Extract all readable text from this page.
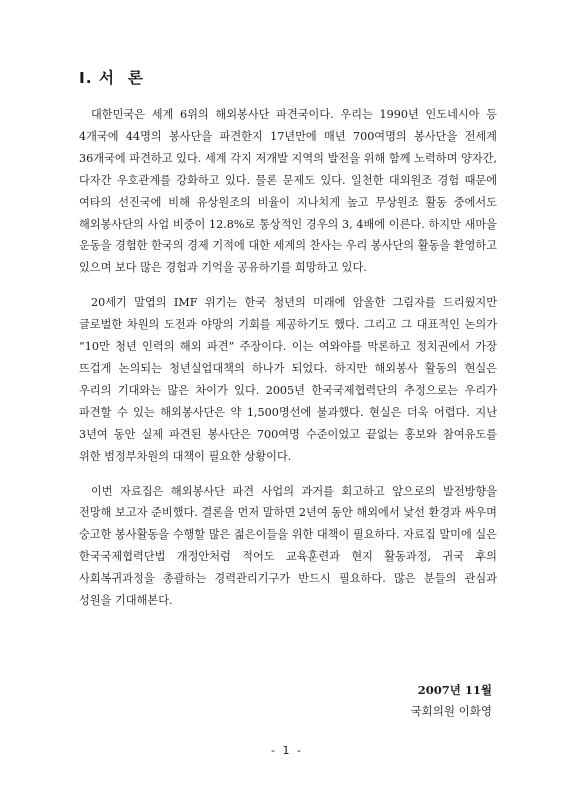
Ⅰ. 서  론

대한민국은 세계 6위의 해외봉사단 파견국이다. 우리는 1990년 인도네시아 등 4개국에 44명의 봉사단을 파견한지 17년만에 매년 700여명의 봉사단을 전세계 36개국에 파견하고 있다. 세계 각지 저개발 지역의 발전을 위해 함께 노력하며 양자간, 다자간 우호관계를 강화하고 있다. 물론 문제도 있다. 일천한 대외원조 경험 때문에 여타의 선진국에 비해 유상원조의 비율이 지나치게 높고 무상원조 활동 중에서도 해외봉사단의 사업 비중이 12.8%로 통상적인 경우의 3, 4배에 이른다. 하지만 새마을 운동을 경험한 한국의 경제 기적에 대한 세계의 찬사는 우리 봉사단의 활동을 환영하고 있으며 보다 많은 경험과 기억을 공유하기를 희망하고 있다.

20세기 말엽의 IMF 위기는 한국 청년의 미래에 암울한 그림자를 드리웠지만 글로벌한 차원의 도전과 야망의 기회를 제공하기도 했다. 그리고 그 대표적인 논의가 “10만 청년 인력의 해외 파견” 주장이다. 이는 여와야를 막론하고 정치권에서 가장 뜨겁게 논의되는 청년실업대책의 하나가 되었다. 하지만 해외봉사 활동의 현실은 우리의 기대와는 많은 차이가 있다. 2005년 한국국제협력단의 추정으로는 우리가 파견할 수 있는 해외봉사단은 약 1,500명선에 불과했다. 현실은 더욱 어렵다. 지난 3년여 동안 실제 파견된 봉사단은 700여명 수준이었고 끝없는 홍보와 참여유도를 위한 범정부차원의 대책이 필요한 상황이다.

이번 자료집은 해외봉사단 파견 사업의 과거를 회고하고 앞으로의 발전방향을 전망해 보고자 준비했다. 결론을 먼저 말하면 2년여 동안 해외에서 낯선 환경과 싸우며 숭고한 봉사활동을 수행할 많은 젊은이들을 위한 대책이 필요하다. 자료집 말미에 실은 한국국제협력단법 개정안처럼 적어도 교육훈련과 현지 활동과정, 귀국 후의 사회복귀과정을 총괄하는 경력관리기구가 반드시 필요하다. 많은 분들의 관심과 성원을 기대해본다.

2007년 11월
국회의원 이화영
- 1 -
